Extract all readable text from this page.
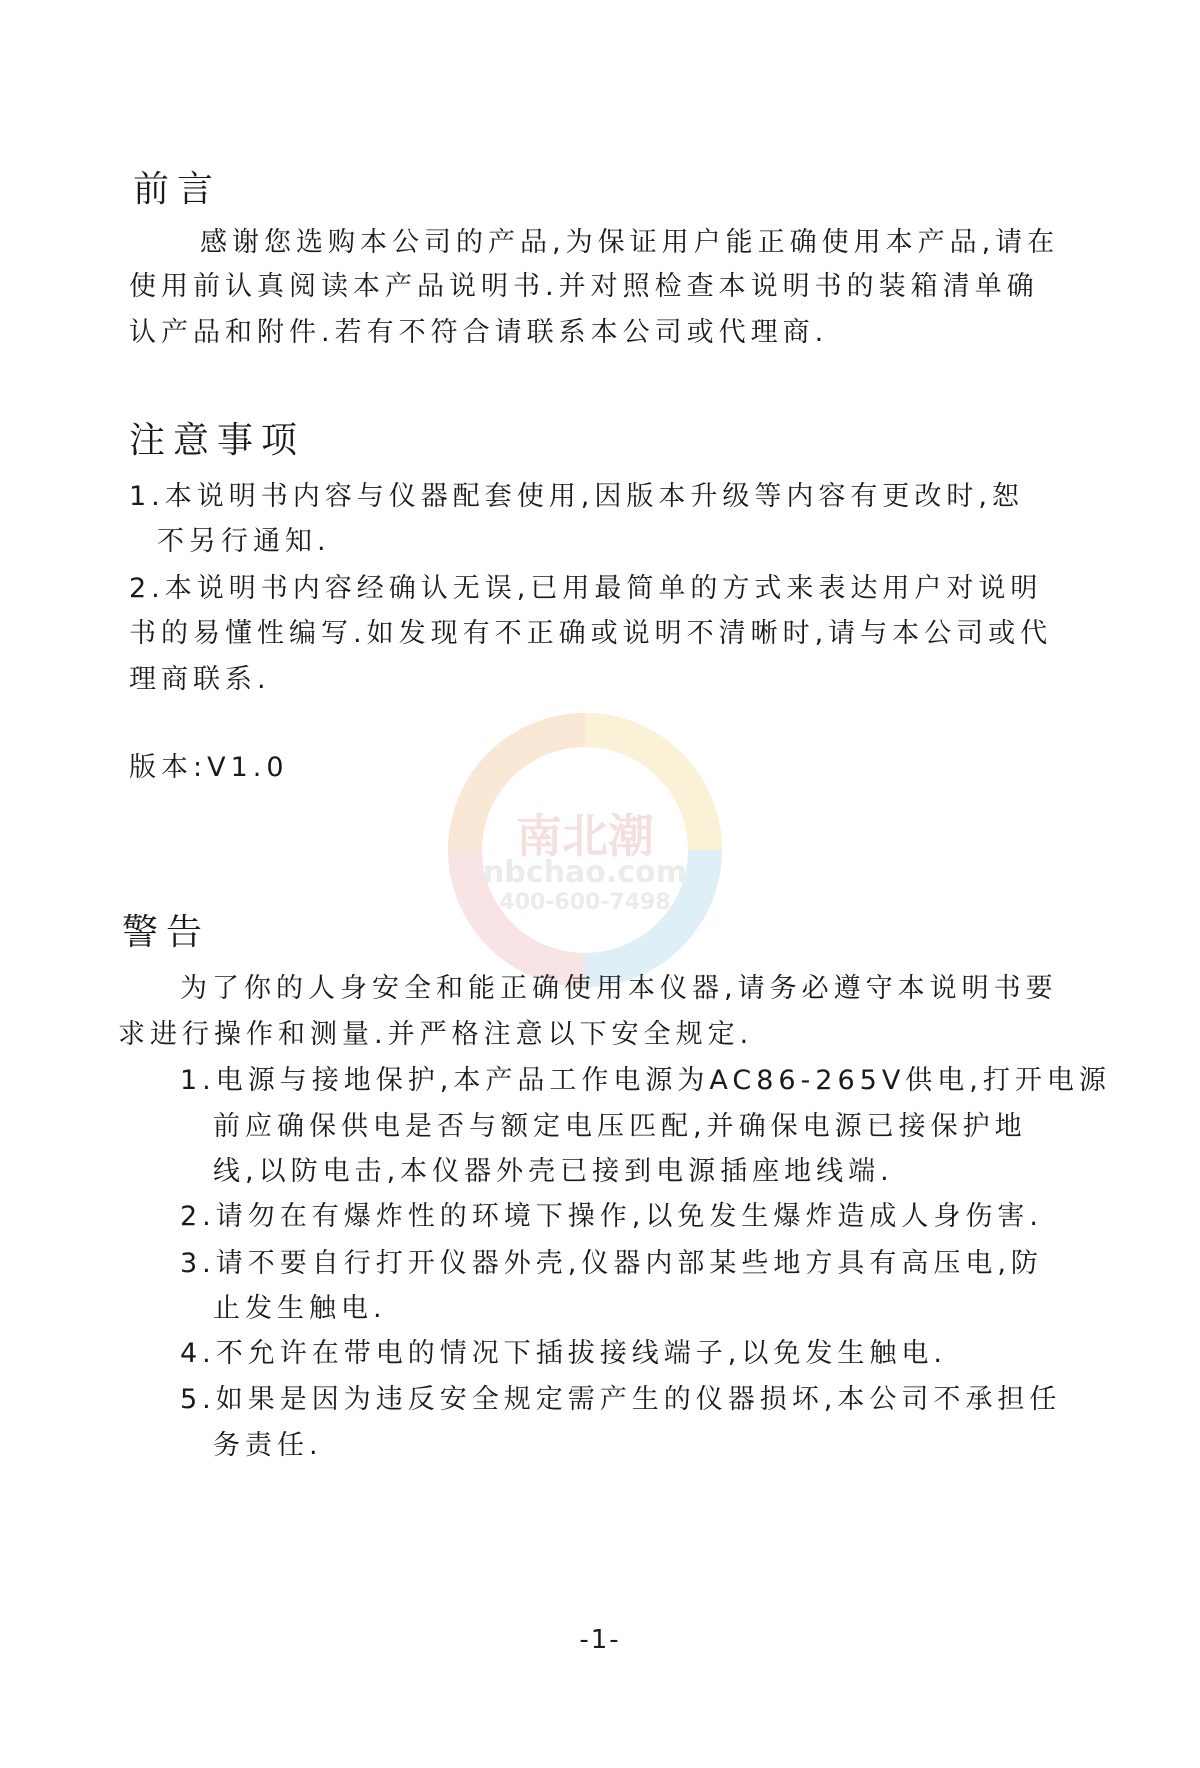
南北潮
nbchao.com
400-600-7498
前言

感谢您选购本公司的产品,为保证用户能正确使用本产品,请在

使用前认真阅读本产品说明书.并对照检查本说明书的装箱清单确

认产品和附件.若有不符合请联系本公司或代理商.

注意事项

1.本说明书内容与仪器配套使用,因版本升级等内容有更改时,恕

不另行通知.

2.本说明书内容经确认无误,已用最简单的方式来表达用户对说明

书的易懂性编写.如发现有不正确或说明不清晰时,请与本公司或代

理商联系.

版本:V1.0

警告

为了你的人身安全和能正确使用本仪器,请务必遵守本说明书要

求进行操作和测量.并严格注意以下安全规定.

1.电源与接地保护,本产品工作电源为AC86-265V供电,打开电源

前应确保供电是否与额定电压匹配,并确保电源已接保护地

线,以防电击,本仪器外壳已接到电源插座地线端.

2.请勿在有爆炸性的环境下操作,以免发生爆炸造成人身伤害.

3.请不要自行打开仪器外壳,仪器内部某些地方具有高压电,防

止发生触电.

4.不允许在带电的情况下插拔接线端子,以免发生触电.

5.如果是因为违反安全规定需产生的仪器损坏,本公司不承担任

务责任.

-1-
